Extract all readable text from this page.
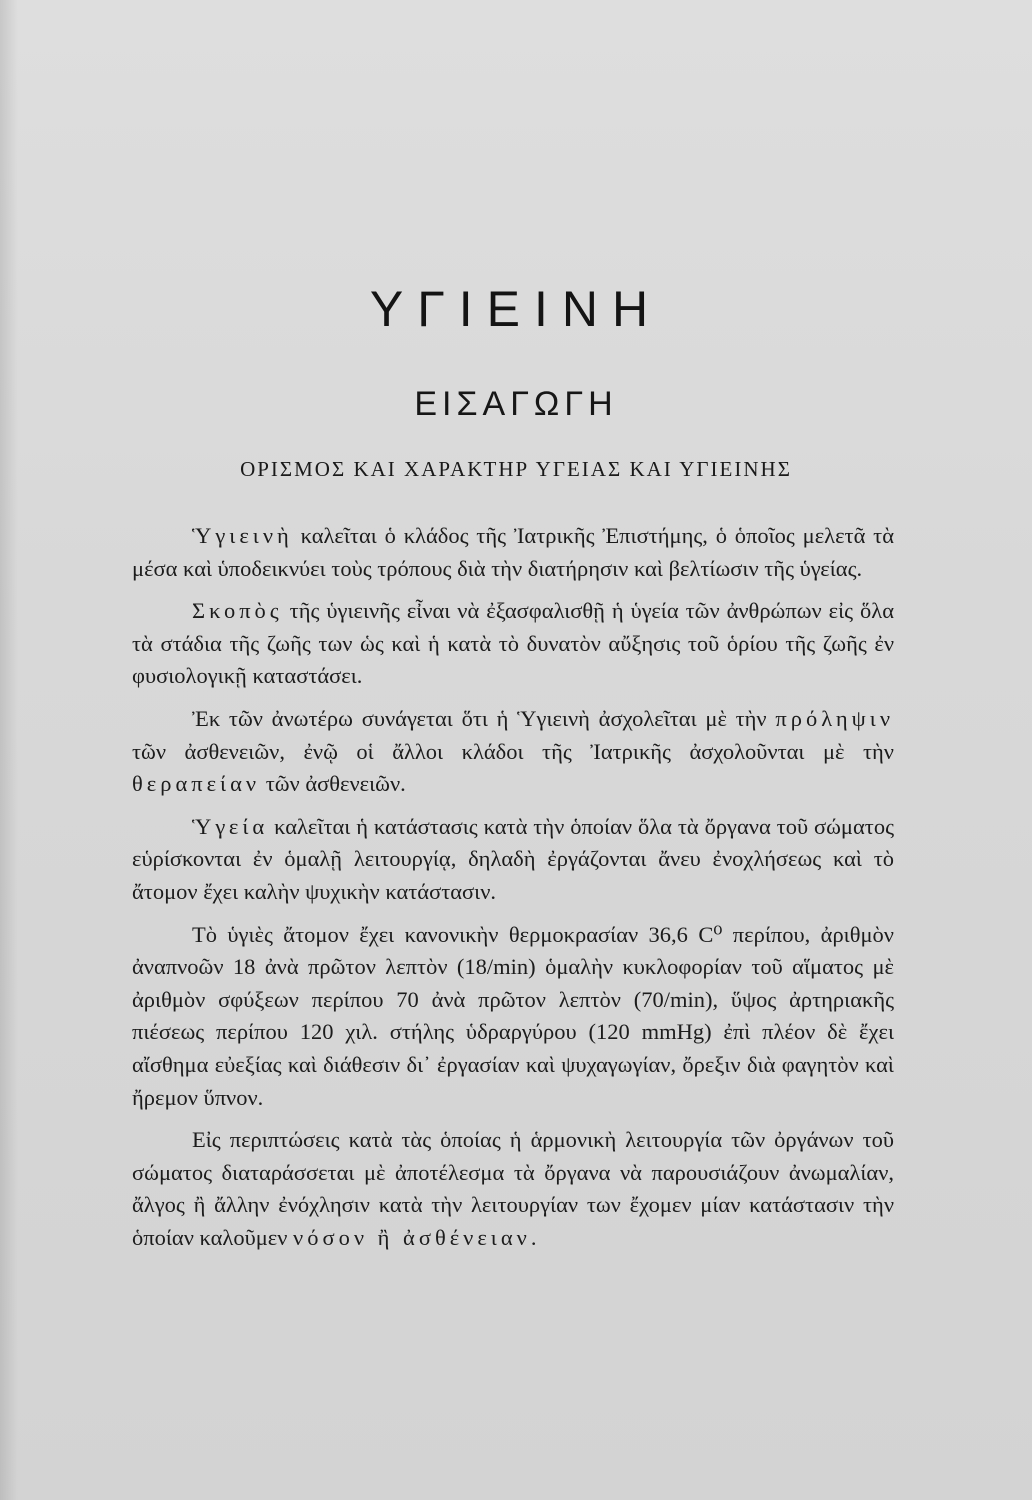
ΥΓΙΕΙΝΗ
ΕΙΣΑΓΩΓΗ
ΟΡΙΣΜΟΣ ΚΑΙ ΧΑΡΑΚΤΗΡ ΥΓΕΙΑΣ ΚΑΙ ΥΓΙΕΙΝΗΣ

Ὑγιεινὴ καλεῖται ὁ κλάδος τῆς Ἰατρικῆς Ἐπιστήμης, ὁ ὁποῖος μελετᾶ τὰ μέσα καὶ ὑποδεικνύει τοὺς τρόπους διὰ τὴν διατήρησιν καὶ βελτίωσιν τῆς ὑγείας.

Σκοπὸς τῆς ὑγιεινῆς εἶναι νὰ ἐξασφαλισθῇ ἡ ὑγεία τῶν ἀνθρώπων εἰς ὅλα τὰ στάδια τῆς ζωῆς των ὡς καὶ ἡ κατὰ τὸ δυνατὸν αὔξησις τοῦ ὁρίου τῆς ζωῆς ἐν φυσιολογικῇ καταστάσει.

Ἐκ τῶν ἀνωτέρω συνάγεται ὅτι ἡ Ὑγιεινὴ ἀσχολεῖται μὲ τὴν πρόληψιν τῶν ἀσθενειῶν, ἐνῷ οἱ ἄλλοι κλάδοι τῆς Ἰατρικῆς ἀσχολοῦνται μὲ τὴν θεραπείαν τῶν ἀσθενειῶν.

Ὑγεία καλεῖται ἡ κατάστασις κατὰ τὴν ὁποίαν ὅλα τὰ ὄργανα τοῦ σώματος εὑρίσκονται ἐν ὁμαλῇ λειτουργίᾳ, δηλαδὴ ἐργάζονται ἄνευ ἐνοχλήσεως καὶ τὸ ἄτομον ἔχει καλὴν ψυχικὴν κατάστασιν.

Τὸ ὑγιὲς ἄτομον ἔχει κανονικὴν θερμοκρασίαν 36,6 C⁰ περίπου, ἀριθμὸν ἀναπνοῶν 18 ἀνὰ πρῶτον λεπτὸν (18/min) ὁμαλὴν κυκλοφορίαν τοῦ αἵματος μὲ ἀριθμὸν σφύξεων περίπου 70 ἀνὰ πρῶτον λεπτὸν (70/min), ὕψος ἀρτηριακῆς πιέσεως περίπου 120 χιλ. στήλης ὑδραργύρου (120 mmHg) ἐπὶ πλέον δὲ ἔχει αἴσθημα εὐεξίας καὶ διάθεσιν δι᾽ ἐργασίαν καὶ ψυχαγωγίαν, ὄρεξιν διὰ φαγητὸν καὶ ἤρεμον ὕπνον.

Εἰς περιπτώσεις κατὰ τὰς ὁποίας ἡ ἁρμονικὴ λειτουργία τῶν ὀργάνων τοῦ σώματος διαταράσσεται μὲ ἀποτέλεσμα τὰ ὄργανα νὰ παρουσιάζουν ἀνωμαλίαν, ἄλγος ἢ ἄλλην ἐνόχλησιν κατὰ τὴν λειτουργίαν των ἔχομεν μίαν κατάστασιν τὴν ὁποίαν καλοῦμεν νόσον ἢ ἀσθένειαν.
